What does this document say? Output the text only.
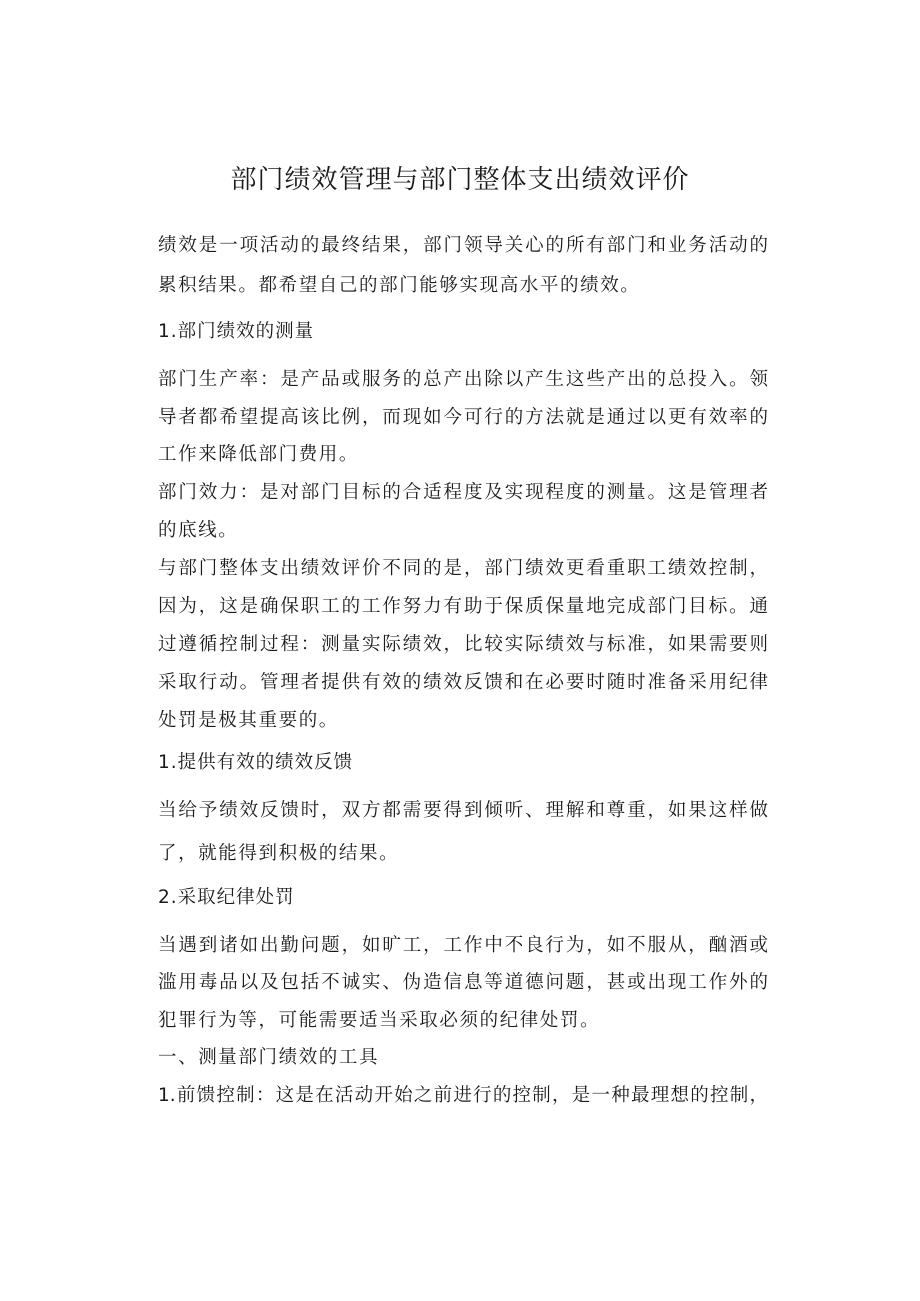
部门绩效管理与部门整体支出绩效评价

绩效是一项活动的最终结果，部门领导关心的所有部门和业务活动的

累积结果。都希望自己的部门能够实现高水平的绩效。

1.部门绩效的测量

部门生产率：是产品或服务的总产出除以产生这些产出的总投入。领

导者都希望提高该比例，而现如今可行的方法就是通过以更有效率的

工作来降低部门费用。

部门效力：是对部门目标的合适程度及实现程度的测量。这是管理者

的底线。

与部门整体支出绩效评价不同的是，部门绩效更看重职工绩效控制，

因为，这是确保职工的工作努力有助于保质保量地完成部门目标。通

过遵循控制过程：测量实际绩效，比较实际绩效与标准，如果需要则

采取行动。管理者提供有效的绩效反馈和在必要时随时准备采用纪律

处罚是极其重要的。

1.提供有效的绩效反馈

当给予绩效反馈时，双方都需要得到倾听、理解和尊重，如果这样做

了，就能得到积极的结果。

2.采取纪律处罚

当遇到诸如出勤问题，如旷工，工作中不良行为，如不服从，酗酒或

滥用毒品以及包括不诚实、伪造信息等道德问题，甚或出现工作外的

犯罪行为等，可能需要适当采取必须的纪律处罚。

一、测量部门绩效的工具

1.前馈控制：这是在活动开始之前进行的控制，是一种最理想的控制，
